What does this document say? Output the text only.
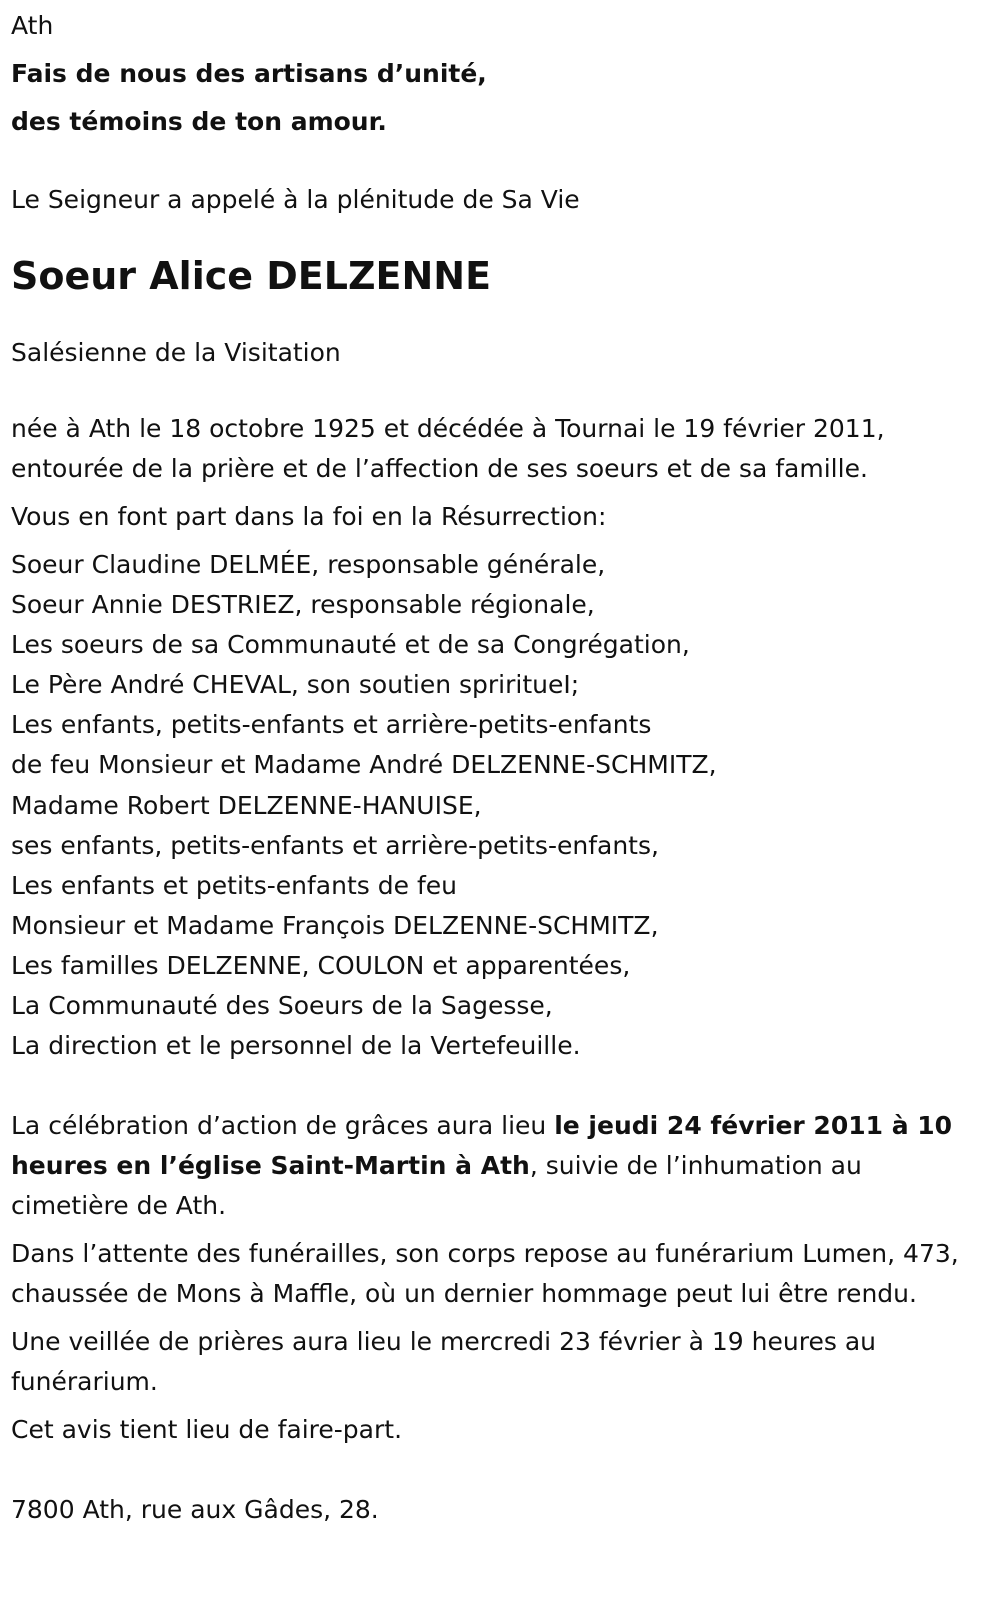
Ath
Fais de nous des artisans d’unité,
des témoins de ton amour.
Le Seigneur a appelé à la plénitude de Sa Vie
Soeur Alice DELZENNE
Salésienne de la Visitation
née à Ath le 18 octobre 1925 et décédée à Tournai le 19 février 2011,
entourée de la prière et de l’affection de ses soeurs et de sa famille.
Vous en font part dans la foi en la Résurrection:
Soeur Claudine DELMÉE, responsable générale,
Soeur Annie DESTRIEZ, responsable régionale,
Les soeurs de sa Communauté et de sa Congrégation,
Le Père André CHEVAL, son soutien spriritueI;
Les enfants, petits-enfants et arrière-petits-enfants
de feu Monsieur et Madame André DELZENNE-SCHMITZ,
Madame Robert DELZENNE-HANUISE,
ses enfants, petits-enfants et arrière-petits-enfants,
Les enfants et petits-enfants de feu
Monsieur et Madame François DELZENNE-SCHMITZ,
Les familles DELZENNE, COULON et apparentées,
La Communauté des Soeurs de la Sagesse,
La direction et le personnel de la Vertefeuille.
La célébration d’action de grâces aura lieu le jeudi 24 février 2011 à 10 heures en l’église Saint-Martin à Ath, suivie de l’inhumation au cimetière de Ath.
Dans l’attente des funérailles, son corps repose au funérarium Lumen, 473, chaussée de Mons à Maffle, où un dernier hommage peut lui être rendu.
Une veillée de prières aura lieu le mercredi 23 février à 19 heures au funérarium.
Cet avis tient lieu de faire-part.
7800 Ath, rue aux Gâdes, 28.
